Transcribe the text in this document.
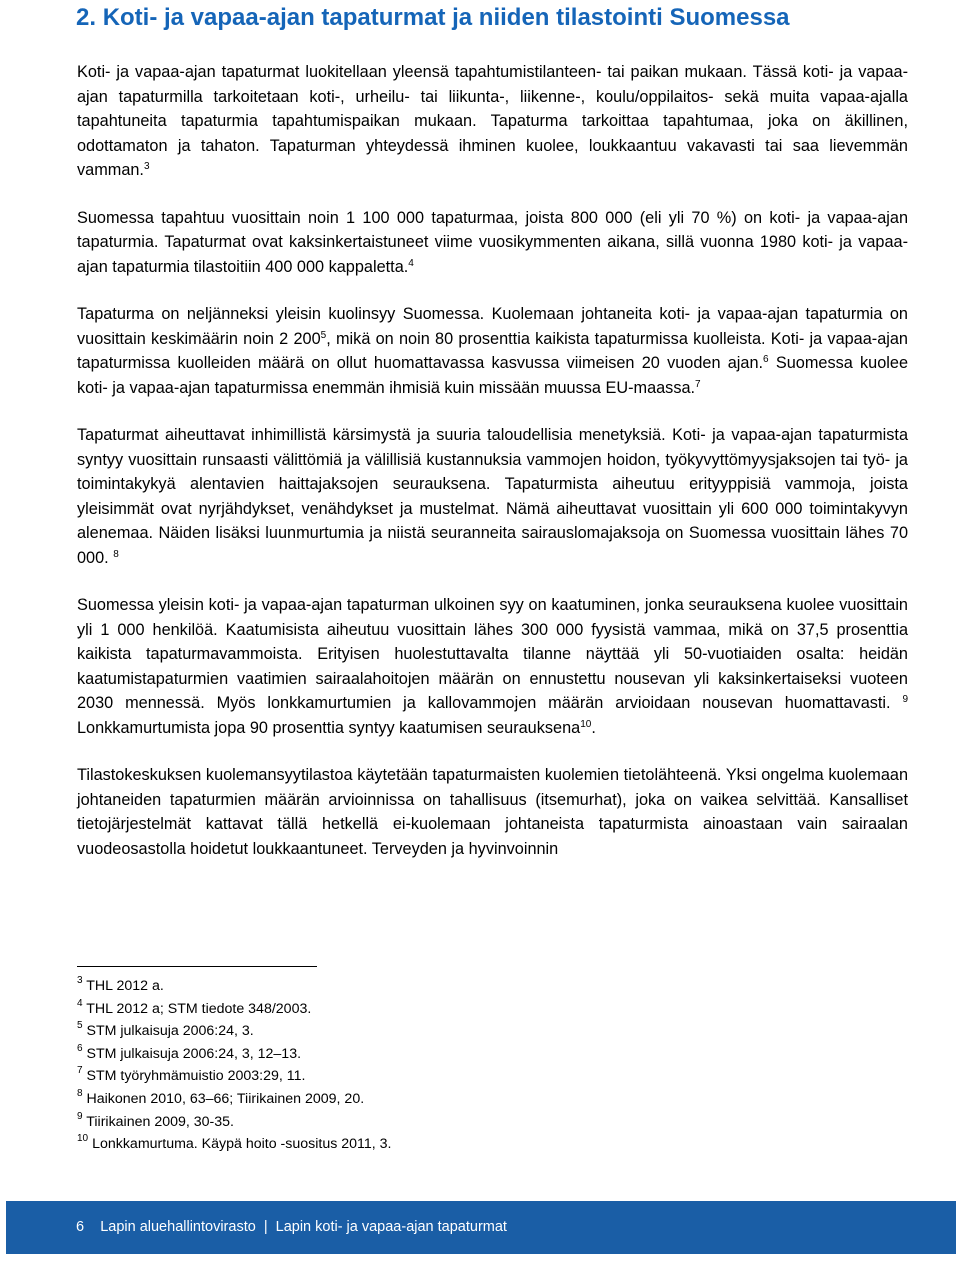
2. Koti- ja vapaa-ajan tapaturmat ja niiden tilastointi Suomessa

Koti- ja vapaa-ajan tapaturmat luokitellaan yleensä tapahtumistilanteen- tai paikan mukaan. Tässä koti- ja vapaa-ajan tapaturmilla tarkoitetaan koti-, urheilu- tai liikunta-, liikenne-, koulu/oppilaitos- sekä muita vapaa-ajalla tapahtuneita tapaturmia tapahtumispaikan mukaan. Tapaturma tarkoittaa tapahtumaa, joka on äkillinen, odottamaton ja tahaton. Tapaturman yhteydessä ihminen kuolee, loukkaantuu vakavasti tai saa lievemmän vamman.$^3$

Suomessa tapahtuu vuosittain noin 1 100 000 tapaturmaa, joista 800 000 (eli yli 70 %) on koti- ja vapaa-ajan tapaturmia. Tapaturmat ovat kaksinkertaistuneet viime vuosikymmenten aikana, sillä vuonna 1980 koti- ja vapaa-ajan tapaturmia tilastoitiin 400 000 kappaletta.$^4$

Tapaturma on neljänneksi yleisin kuolinsyy Suomessa. Kuolemaan johtaneita koti- ja vapaa-ajan tapaturmia on vuosittain keskimäärin noin 2 $200^5$, mikä on noin 80 prosenttia kaikista tapaturmissa kuolleista. Koti- ja vapaa-ajan tapaturmissa kuolleiden määrä on ollut huomattavassa kasvussa viimeisen 20 vuoden ajan.$^6$ Suomessa kuolee koti- ja vapaa-ajan tapaturmissa enemmän ihmisiä kuin missään muussa EU-maassa.$^7$

Tapaturmat aiheuttavat inhimillistä kärsimystä ja suuria taloudellisia menetyksiä. Koti- ja vapaa-ajan tapaturmista syntyy vuosittain runsaasti välittömiä ja välillisiä kustannuksia vammojen hoidon, työkyvyttömyysjaksojen tai työ- ja toimintakykyä alentavien haittajaksojen seurauksena. Tapaturmista aiheutuu erityyppisiä vammoja, joista yleisimmät ovat nyrjähdykset, venähdykset ja mustelmat. Nämä aiheuttavat vuosittain yli 600 000 toimintakyvyn alenemaa. Näiden lisäksi luunmurtumia ja niistä seuranneita sairauslomajaksoja on Suomessa vuosittain lähes 70 000. $^8$

Suomessa yleisin koti- ja vapaa-ajan tapaturman ulkoinen syy on kaatuminen, jonka seurauksena kuolee vuosittain yli 1 000 henkilöä. Kaatumisista aiheutuu vuosittain lähes 300 000 fyysistä vammaa, mikä on 37,5 prosenttia kaikista tapaturmavammoista. Erityisen huolestuttavalta tilanne näyttää yli 50-vuotiaiden osalta: heidän kaatumistapaturmien vaatimien sairaalahoitojen määrän on ennustettu nousevan yli kaksinkertaiseksi vuoteen 2030 mennessä. Myös lonkkamurtumien ja kallovammojen määrän arvioidaan nousevan huomattavasti. $^9$ Lonkkamurtumista jopa 90 prosenttia syntyy kaatumisen seurauksena$^{10}$.

Tilastokeskuksen kuolemansyytilastoa käytetään tapaturmaisten kuolemien tietolähteenä. Yksi ongelma kuolemaan johtaneiden tapaturmien määrän arvioinnissa on tahallisuus (itsemurhat), joka on vaikea selvittää. Kansalliset tietojärjestelmät kattavat tällä hetkellä ei-kuolemaan johtaneista tapaturmista ainoastaan vain sairaalan vuodeosastolla hoidetut loukkaantuneet. Terveyden ja hyvinvoinnin

$^3$ THL 2012 a.
$^4$ THL 2012 a; STM tiedote 348/2003.
$^5$ STM julkaisuja 2006:24, 3.
$^6$ STM julkaisuja 2006:24, 3, 12–13.
$^7$ STM työryhmämuistio 2003:29, 11.
$^8$ Haikonen 2010, 63–66; Tiirikainen 2009, 20.
$^9$ Tiirikainen 2009, 30-35.
$^{10}$ Lonkkamurtuma. Käypä hoito -suositus 2011, 3.
6 Lapin aluehallintovirasto | Lapin koti- ja vapaa-ajan tapaturmat
